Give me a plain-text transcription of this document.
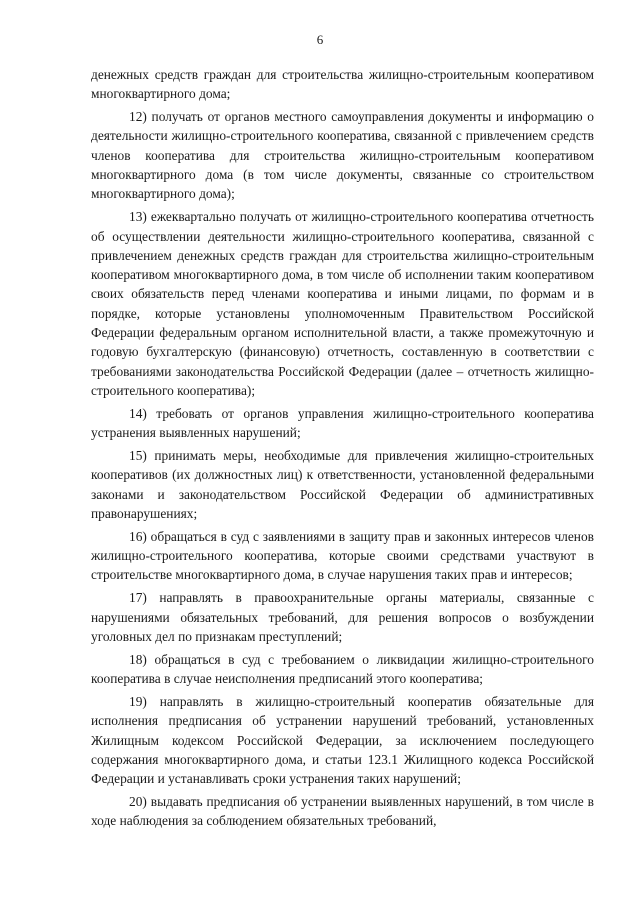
6

денежных средств граждан для строительства жилищно-строительным кооперативом многоквартирного дома;

12) получать от органов местного самоуправления документы и информацию о деятельности жилищно-строительного кооператива, связанной с привлечением средств членов кооператива для строительства жилищно-строительным кооперативом многоквартирного дома (в том числе документы, связанные со строительством многоквартирного дома);

13) ежеквартально получать от жилищно-строительного кооператива отчетность об осуществлении деятельности жилищно-строительного кооператива, связанной с привлечением денежных средств граждан для строительства жилищно-строительным кооперативом многоквартирного дома, в том числе об исполнении таким кооперативом своих обязательств перед членами кооператива и иными лицами, по формам и в порядке, которые установлены уполномоченным Правительством Российской Федерации федеральным органом исполнительной власти, а также промежуточную и годовую бухгалтерскую (финансовую) отчетность, составленную в соответствии с требованиями законодательства Российской Федерации (далее – отчетность жилищно-строительного кооператива);

14) требовать от органов управления жилищно-строительного кооператива устранения выявленных нарушений;

15) принимать меры, необходимые для привлечения жилищно-строительных кооперативов (их должностных лиц) к ответственности, установленной федеральными законами и законодательством Российской Федерации об административных правонарушениях;

16) обращаться в суд с заявлениями в защиту прав и законных интересов членов жилищно-строительного кооператива, которые своими средствами участвуют в строительстве многоквартирного дома, в случае нарушения таких прав и интересов;

17) направлять в правоохранительные органы материалы, связанные с нарушениями обязательных требований, для решения вопросов о возбуждении уголовных дел по признакам преступлений;

18) обращаться в суд с требованием о ликвидации жилищно-строительного кооператива в случае неисполнения предписаний этого кооператива;

19) направлять в жилищно-строительный кооператив обязательные для исполнения предписания об устранении нарушений требований, установленных Жилищным кодексом Российской Федерации, за исключением последующего содержания многоквартирного дома, и статьи 123.1 Жилищного кодекса Российской Федерации и устанавливать сроки устранения таких нарушений;

20) выдавать предписания об устранении выявленных нарушений, в том числе в ходе наблюдения за соблюдением обязательных требований,
